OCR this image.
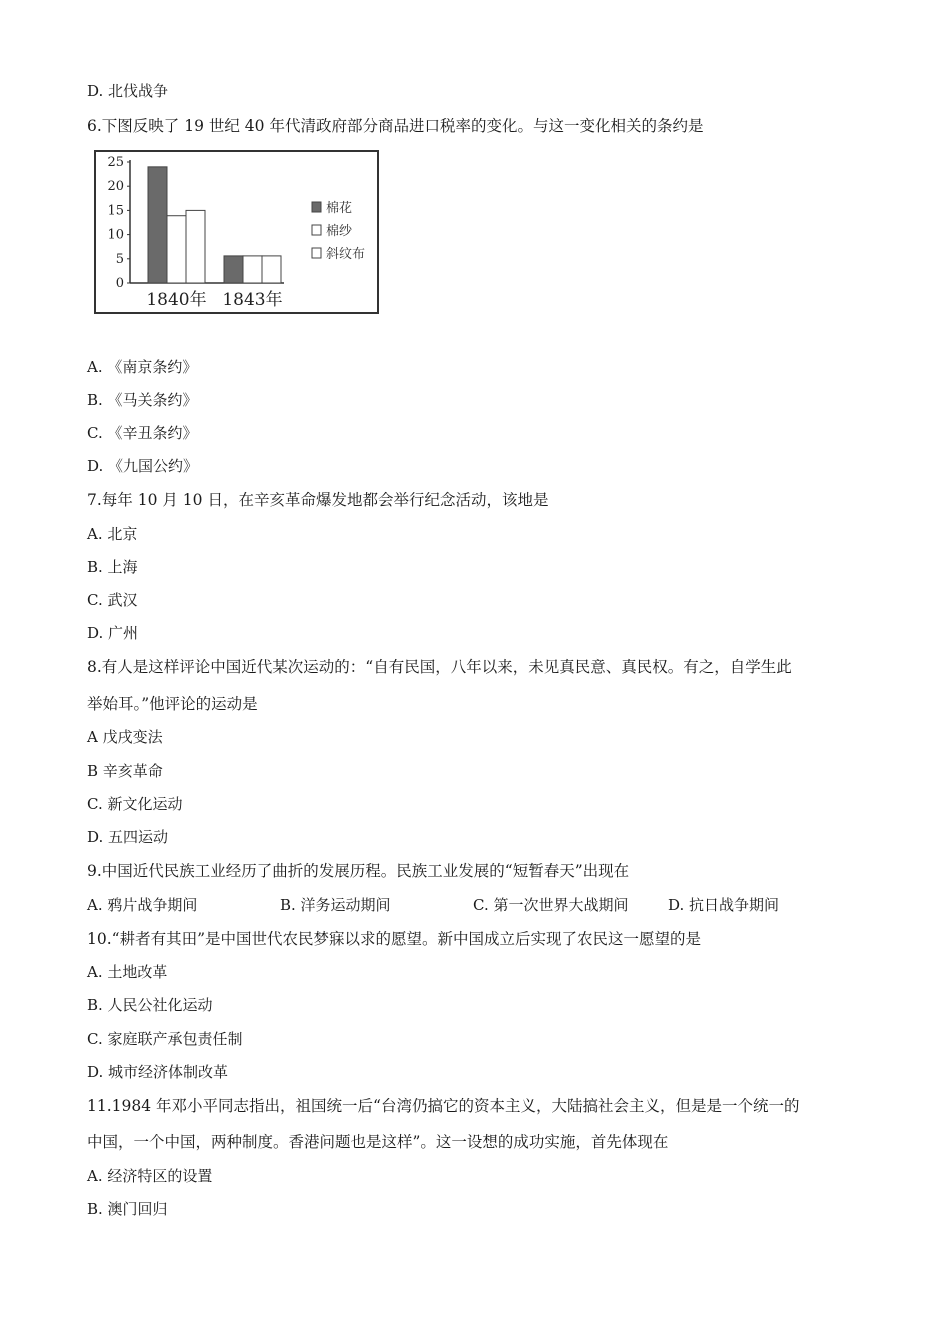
D. 北伐战争
6.下图反映了 19 世纪 40 年代清政府部分商品进口税率的变化。与这一变化相关的条约是
0
5
10
15
20
25
1840年 1843年
棉花
棉纱
斜纹布
A. 《南京条约》
B. 《马关条约》
C. 《辛丑条约》
D. 《九国公约》
7.每年 10 月 10 日，在辛亥革命爆发地都会举行纪念活动，该地是
A. 北京
B. 上海
C. 武汉
D. 广州
8.有人是这样评论中国近代某次运动的：“自有民国，八年以来，未见真民意、真民权。有之，自学生此
举始耳。”他评论的运动是
A 戊戌变法
B 辛亥革命
C. 新文化运动
D. 五四运动
9.中国近代民族工业经历了曲折的发展历程。民族工业发展的“短暂春天”出现在
A. 鸦片战争期间	B. 洋务运动期间	C. 第一次世界大战期间	D. 抗日战争期间
10.“耕者有其田”是中国世代农民梦寐以求的愿望。新中国成立后实现了农民这一愿望的是
A. 土地改革
B. 人民公社化运动
C. 家庭联产承包责任制
D. 城市经济体制改革
11.1984 年邓小平同志指出，祖国统一后“台湾仍搞它的资本主义，大陆搞社会主义，但是是一个统一的
中国，一个中国，两种制度。香港问题也是这样”。这一设想的成功实施，首先体现在
A. 经济特区的设置
B. 澳门回归
